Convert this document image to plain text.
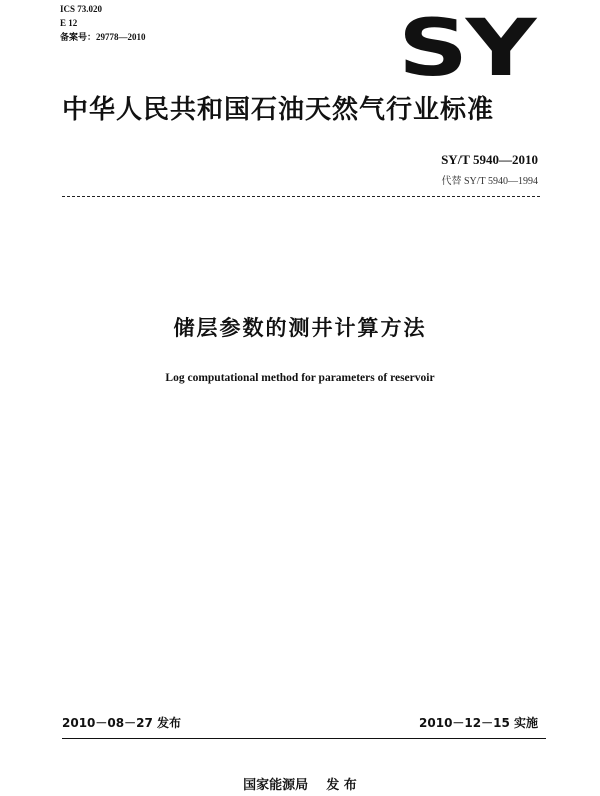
ICS 73.020
E 12
备案号：29778—2010	SY
中华人民共和国石油天然气行业标准
SY/T 5940—2010
代替 SY/T 5940—1994
储层参数的测井计算方法
Log computational method for parameters of reservoir
2010－08－27 发布	2010－12－15 实施
国家能源局    发 布
